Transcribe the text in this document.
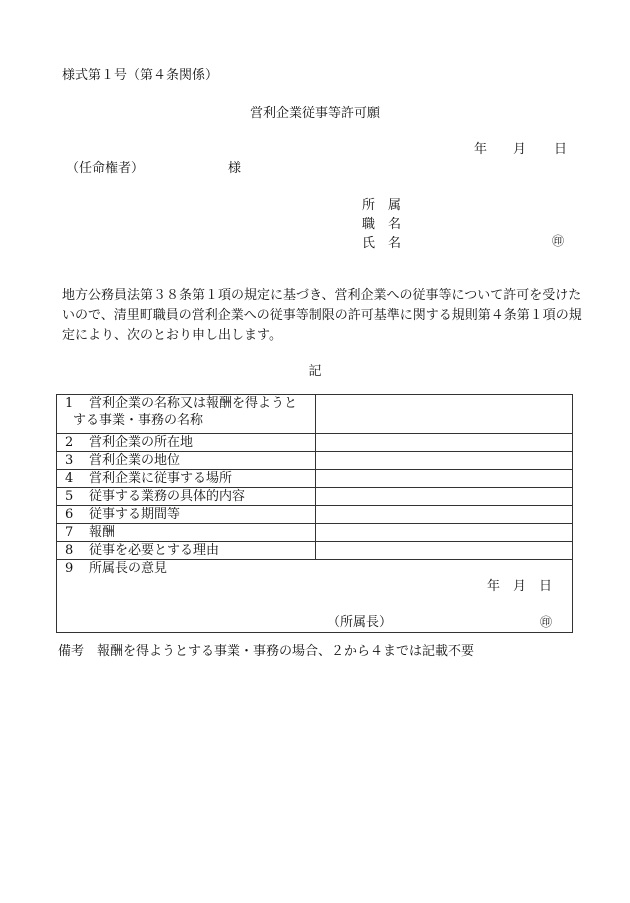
様式第１号（第４条関係）
営利企業従事等許可願
年 月 日
（任命権者）	様
所　属
職　名
氏　名	㊞
地方公務員法第３８条第１項の規定に基づき、営利企業への従事等について許可を受けたいので、清里町職員の営利企業への従事等制限の許可基準に関する規則第４条第１項の規定により、次のとおり申し出します。
記
1 営利企業の名称又は報酬を得ようと
する事業・事務の名称	
2 営利企業の所在地	
3 営利企業の地位	
4 営利企業に従事する場所	
5 従事する業務の具体的内容	
6 従事する期間等	
7 報酬	
8 従事を必要とする理由	
9 所属長の意見
年　月　日
（所属長） ㊞	
備考　報酬を得ようとする事業・事務の場合、２から４までは記載不要
